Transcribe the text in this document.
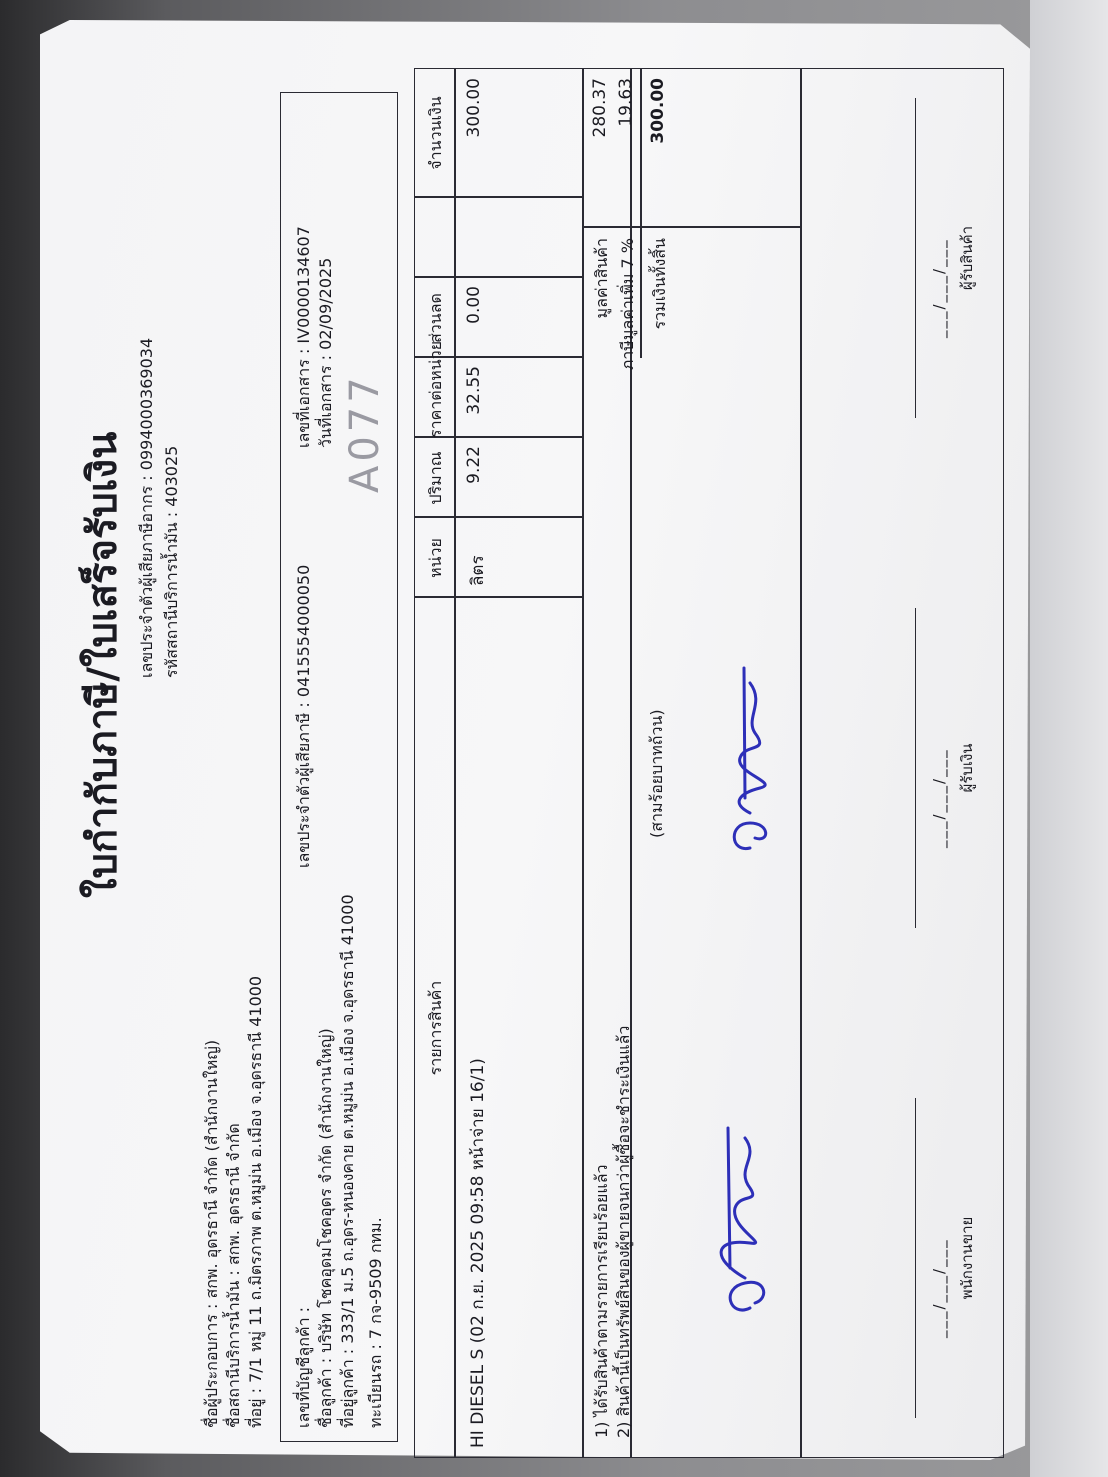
ใบกำกับภาษี/ใบเสร็จรับเงิน เลขประจำตัวผู้เสียภาษีอากร : 0994000369034 รหัสสถานีบริการน้ำมัน : 403025
ชื่อผู้ประกอบการ : สกพ. อุดรธานี จำกัด (สำนักงานใหญ่) ชื่อสถานีบริการน้ำมัน : สกพ. อุดรธานี จำกัด ที่อยู่ : 7/1 หมู่ 11 ถ.มิตรภาพ ต.หมูม่น อ.เมือง จ.อุดรธานี 41000 เลขที่บัญชีลูกค้า :
เลขประจำตัวผู้เสียภาษี : 0415554000050
เลขที่เอกสาร : IV0000134607
ชื่อลูกค้า : บริษัท โชคอุดมโชคอุดร จำกัด (สำนักงานใหญ่)
วันที่เอกสาร : 02/09/2025
ที่อยู่ลูกค้า : 333/1 ม.5 ถ.อุดร-หนองคาย ต.หมูม่น อ.เมือง จ.อุดรธานี 41000 ทะเบียนรถ : 7 กจ-9509 กทม.
A077
รายการสินค้า
หน่วย
ปริมาณ
ราคาต่อหน่วย
ส่วนลด
จำนวนเงิน
HI DIESEL S (02 ก.ย. 2025 09:58 หน้าจ่าย 16/1)
ลิตร
9.22
32.55
0.00
300.00
1) ได้รับสินค้าตามรายการเรียบร้อยแล้ว 2) สินค้านี้เป็นทรัพย์สินของผู้ขายจนกว่าผู้ซื้อจะชำระเงินแล้ว
มูลค่าสินค้า
280.37
ภาษีมูลค่าเพิ่ม 7 %
19.63
รวมเงินทั้งสิ้น
300.00
(สามร้อยบาทถ้วน)
___/___/___ พนักงานขาย
___/___/___ ผู้รับเงิน
___/___/___ ผู้รับสินค้า
